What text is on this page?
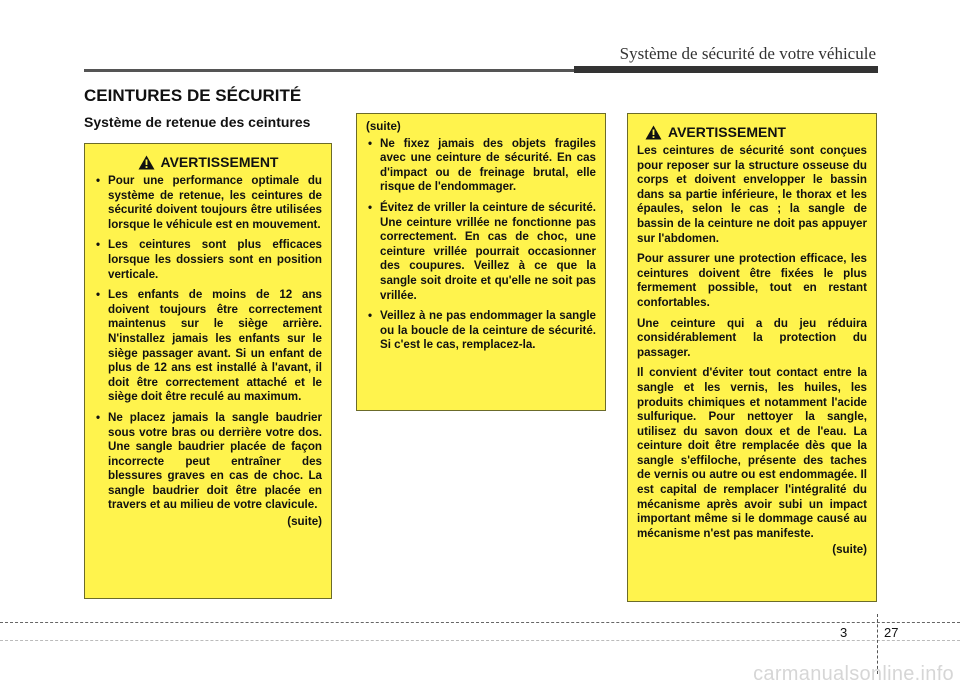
Système de sécurité de votre véhicule
CEINTURES DE SÉCURITÉ
Système de retenue des ceintures
AVERTISSEMENT
• Pour une performance optimale du système de retenue, les ceintures de sécurité doivent toujours être utilisées lorsque le véhicule est en mouvement.
• Les ceintures sont plus efficaces lorsque les dossiers sont en position verticale.
• Les enfants de moins de 12 ans doivent toujours être correctement maintenus sur le siège arrière. N'installez jamais les enfants sur le siège passager avant. Si un enfant de plus de 12 ans est installé à l'avant, il doit être correctement attaché et le siège doit être reculé au maximum.
• Ne placez jamais la sangle baudrier sous votre bras ou derrière votre dos. Une sangle baudrier placée de façon incorrecte peut entraîner des blessures graves en cas de choc. La sangle baudrier doit être placée en travers et au milieu de votre clavicule.
(suite)
(suite)
• Ne fixez jamais des objets fragiles avec une ceinture de sécurité. En cas d'impact ou de freinage brutal, elle risque de l'endommager.
• Évitez de vriller la ceinture de sécurité. Une ceinture vrillée ne fonctionne pas correctement. En cas de choc, une ceinture vrillée pourrait occasionner des coupures. Veillez à ce que la sangle soit droite et qu'elle ne soit pas vrillée.
• Veillez à ne pas endommager la sangle ou la boucle de la ceinture de sécurité. Si c'est le cas, remplacez-la.
AVERTISSEMENT

Les ceintures de sécurité sont conçues pour reposer sur la structure osseuse du corps et doivent envelopper le bassin dans sa partie inférieure, le thorax et les épaules, selon le cas ; la sangle de bassin de la ceinture ne doit pas appuyer sur l'abdomen.

Pour assurer une protection efficace, les ceintures doivent être fixées le plus fermement possible, tout en restant confortables.

Une ceinture qui a du jeu réduira considérablement la protection du passager.

Il convient d'éviter tout contact entre la sangle et les vernis, les huiles, les produits chimiques et notamment l'acide sulfurique. Pour nettoyer la sangle, utilisez du savon doux et de l'eau. La ceinture doit être remplacée dès que la sangle s'effiloche, présente des taches de vernis ou autre ou est endommagée. Il est capital de remplacer l'intégralité du mécanisme après avoir subi un impact important même si le dommage causé au mécanisme n'est pas manifeste.

(suite)
3	27
carmanualsonline.info
